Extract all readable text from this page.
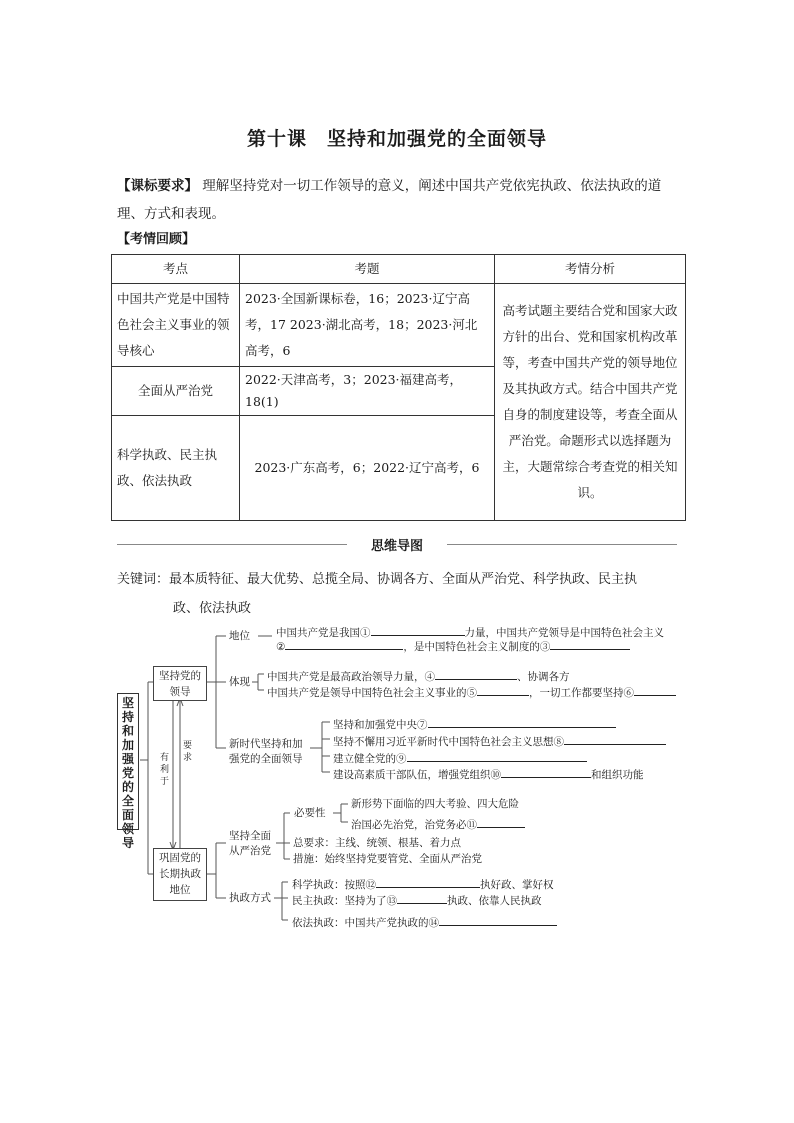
第十课　坚持和加强党的全面领导
【课标要求】 理解坚持党对一切工作领导的意义，阐述中国共产党依宪执政、依法执政的道理、方式和表现。
【考情回顾】
考点	考题	考情分析
中国共产党是中国特色社会主义事业的领导核心	2023·全国新课标卷，16；2023·辽宁高考，17 2023·湖北高考，18；2023·河北高考，6	高考试题主要结合党和国家大政方针的出台、党和国家机构改革等，考查中国共产党的领导地位及其执政方式。结合中国共产党自身的制度建设等，考查全面从严治党。命题形式以选择题为主，大题常综合考查党的相关知识。
全面从严治党	2022·天津高考，3；2023·福建高考，18(1)	
科学执政、民主执政、依法执政	2023·广东高考，6；2022·辽宁高考，6	
思维导图
关键词：最本质特征、最大优势、总揽全局、协调各方、全面从严治党、科学执政、民主执
政、依法执政
坚持和加强党的全面领导
坚持党的领导
巩固党的长期执政地位
有利于
要求
地位 中国共产党是我国①	力量，中国共产党领导是中国特色社会主义
②	，是中国特色社会主义制度的③
体现 中国共产党是最高政治领导力量，④	、协调各方
中国共产党是领导中国特色社会主义事业的⑤	，一切工作都要坚持⑥
新时代坚持和加强党的全面领导
坚持和加强党中央⑦
坚持不懈用习近平新时代中国特色社会主义思想⑧
建立健全党的⑨
建设高素质干部队伍，增强党组织⑩	和组织功能
坚持全面从严治党
必要性
新形势下面临的四大考验、四大危险
治国必先治党，治党务必⑪
总要求：主线、统领、根基、着力点
措施：始终坚持党要管党、全面从严治党
执政方式
科学执政：按照⑫	执好政、掌好权
民主执政：坚持为了⑬	执政、依靠人民执政
依法执政：中国共产党执政的⑭
